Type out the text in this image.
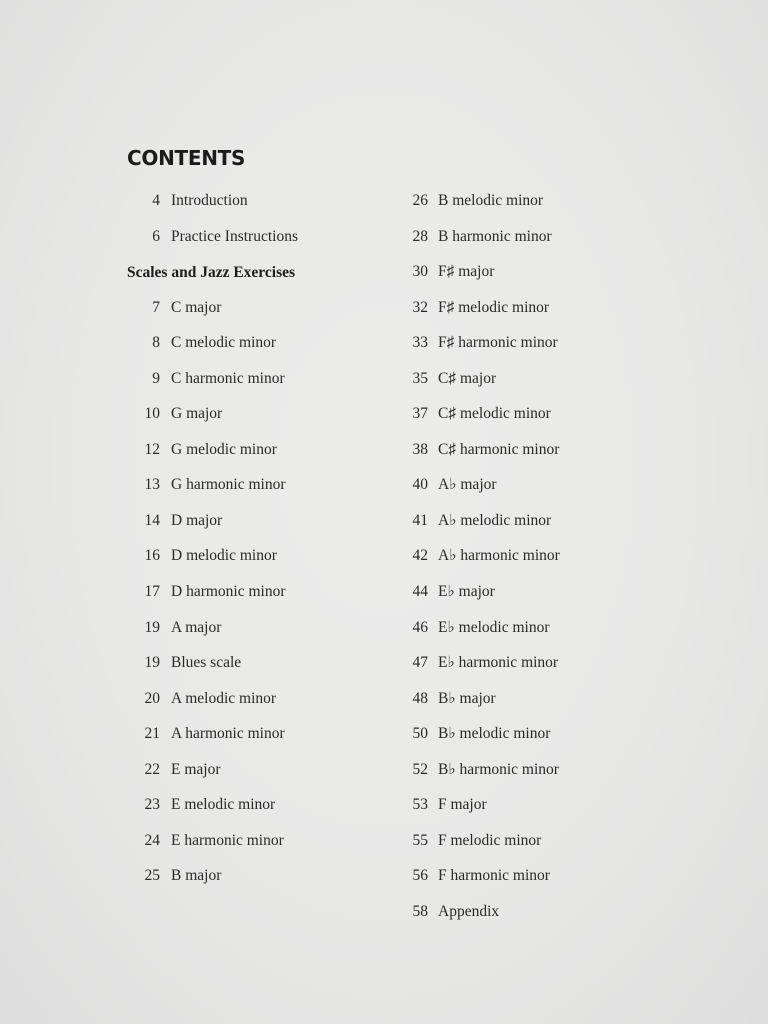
CONTENTS
4 Introduction
6 Practice Instructions
Scales and Jazz Exercises
7 C major
8 C melodic minor
9 C harmonic minor
10 G major
12 G melodic minor
13 G harmonic minor
14 D major
16 D melodic minor
17 D harmonic minor
19 A major
19 Blues scale
20 A melodic minor
21 A harmonic minor
22 E major
23 E melodic minor
24 E harmonic minor
25 B major
26 B melodic minor
28 B harmonic minor
30 F♯ major
32 F♯ melodic minor
33 F♯ harmonic minor
35 C♯ major
37 C♯ melodic minor
38 C♯ harmonic minor
40 A♭ major
41 A♭ melodic minor
42 A♭ harmonic minor
44 E♭ major
46 E♭ melodic minor
47 E♭ harmonic minor
48 B♭ major
50 B♭ melodic minor
52 B♭ harmonic minor
53 F major
55 F melodic minor
56 F harmonic minor
58 Appendix
